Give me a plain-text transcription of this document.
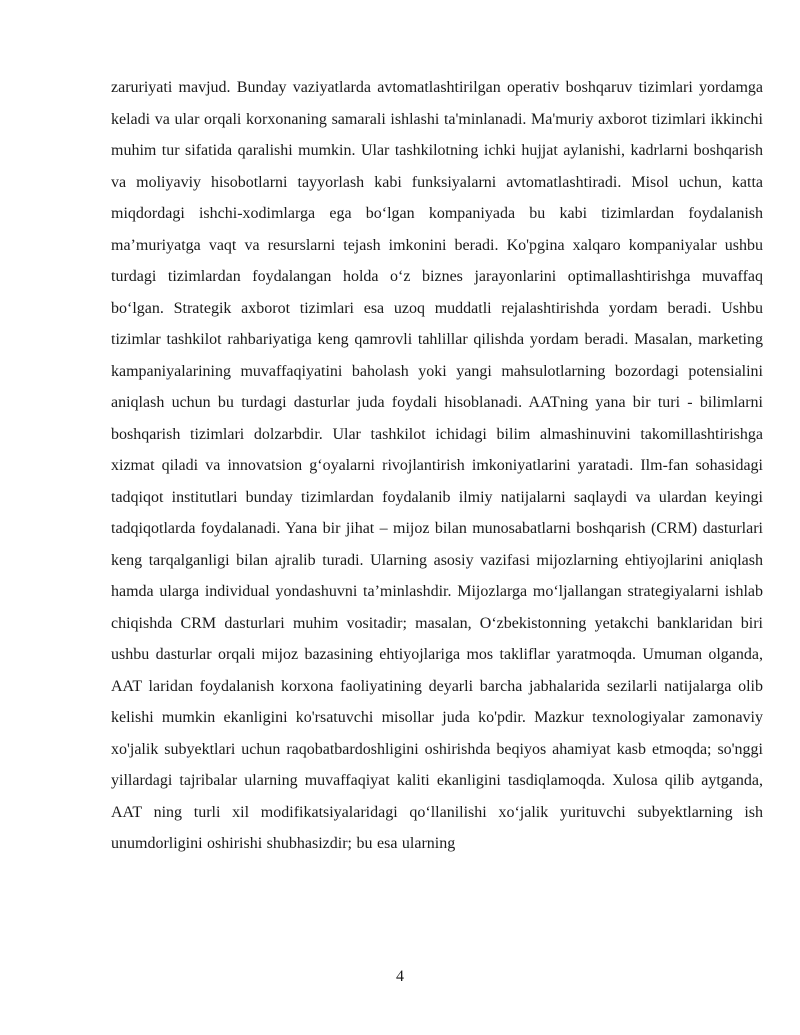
zaruriyati mavjud. Bunday vaziyatlarda avtomatlashtirilgan operativ boshqaruv tizimlari yordamga keladi va ular orqali korxonaning samarali ishlashi ta'minlanadi. Ma'muriy axborot tizimlari ikkinchi muhim tur sifatida qaralishi mumkin. Ular tashkilotning ichki hujjat aylanishi, kadrlarni boshqarish va moliyaviy hisobotlarni tayyorlash kabi funksiyalarni avtomatlashtiradi. Misol uchun, katta miqdordagi ishchi-xodimlarga ega bo‘lgan kompaniyada bu kabi tizimlardan foydalanish ma’muriyatga vaqt va resurslarni tejash imkonini beradi. Ko'pgina xalqaro kompaniyalar ushbu turdagi tizimlardan foydalangan holda o‘z biznes jarayonlarini optimallashtirishga muvaffaq bo‘lgan. Strategik axborot tizimlari esa uzoq muddatli rejalashtirishda yordam beradi. Ushbu tizimlar tashkilot rahbariyatiga keng qamrovli tahlillar qilishda yordam beradi. Masalan, marketing kampaniyalarining muvaffaqiyatini baholash yoki yangi mahsulotlarning bozordagi potensialini aniqlash uchun bu turdagi dasturlar juda foydali hisoblanadi. AATning yana bir turi - bilimlarni boshqarish tizimlari dolzarbdir. Ular tashkilot ichidagi bilim almashinuvini takomillashtirishga xizmat qiladi va innovatsion g‘oyalarni rivojlantirish imkoniyatlarini yaratadi. Ilm-fan sohasidagi tadqiqot institutlari bunday tizimlardan foydalanib ilmiy natijalarni saqlaydi va ulardan keyingi tadqiqotlarda foydalanadi. Yana bir jihat – mijoz bilan munosabatlarni boshqarish (CRM) dasturlari keng tarqalganligi bilan ajralib turadi. Ularning asosiy vazifasi mijozlarning ehtiyojlarini aniqlash hamda ularga individual yondashuvni ta’minlashdir. Mijozlarga mo‘ljallangan strategiyalarni ishlab chiqishda CRM dasturlari muhim vositadir; masalan, O‘zbekistonning yetakchi banklaridan biri ushbu dasturlar orqali mijoz bazasining ehtiyojlariga mos takliflar yaratmoqda. Umuman olganda, AAT laridan foydalanish korxona faoliyatining deyarli barcha jabhalarida sezilarli natijalarga olib kelishi mumkin ekanligini ko'rsatuvchi misollar juda ko'pdir. Mazkur texnologiyalar zamonaviy xo'jalik subyektlari uchun raqobatbardoshligini oshirishda beqiyos ahamiyat kasb etmoqda; so'nggi yillardagi tajribalar ularning muvaffaqiyat kaliti ekanligini tasdiqlamoqda. Xulosa qilib aytganda, AAT ning turli xil modifikatsiyalaridagi qo‘llanilishi xo‘jalik yurituvchi subyektlarning ish unumdorligini oshirishi shubhasizdir; bu esa ularning

4
